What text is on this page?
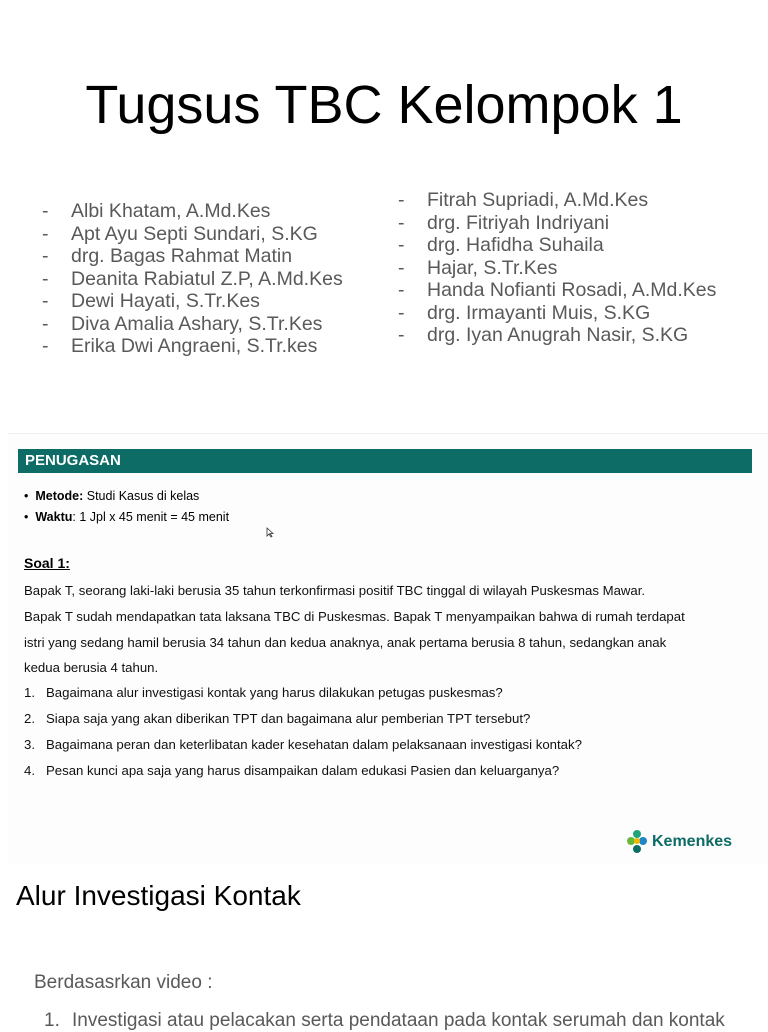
Tugsus TBC Kelompok 1
- Albi Khatam, A.Md.Kes
- Apt Ayu Septi Sundari, S.KG
- drg. Bagas Rahmat Matin
- Deanita Rabiatul Z.P, A.Md.Kes
- Dewi Hayati, S.Tr.Kes
- Diva Amalia Ashary, S.Tr.Kes
- Erika Dwi Angraeni, S.Tr.kes
- Fitrah Supriadi, A.Md.Kes
- drg. Fitriyah Indriyani
- drg. Hafidha Suhaila
- Hajar, S.Tr.Kes
- Handa Nofianti Rosadi, A.Md.Kes
- drg. Irmayanti Muis, S.KG
- drg. Iyan Anugrah Nasir, S.KG
PENUGASAN
•  Metode: Studi Kasus di kelas
•  Waktu: 1 Jpl x 45 menit = 45 menit
Soal 1:
Bapak T, seorang laki-laki berusia 35 tahun terkonfirmasi positif TBC tinggal di wilayah Puskesmas Mawar.
Bapak T sudah mendapatkan tata laksana TBC di Puskesmas. Bapak T menyampaikan bahwa di rumah terdapat
istri yang sedang hamil berusia 34 tahun dan kedua anaknya, anak pertama berusia 8 tahun, sedangkan anak
kedua berusia 4 tahun.
1. Bagaimana alur investigasi kontak yang harus dilakukan petugas puskesmas?
2. Siapa saja yang akan diberikan TPT dan bagaimana alur pemberian TPT tersebut?
3. Bagaimana peran dan keterlibatan kader kesehatan dalam pelaksanaan investigasi kontak?
4. Pesan kunci apa saja yang harus disampaikan dalam edukasi Pasien dan keluarganya?
Kemenkes
Alur Investigasi Kontak
Berdasasrkan video :
1. Investigasi atau pelacakan serta pendataan pada kontak serumah dan kontak
